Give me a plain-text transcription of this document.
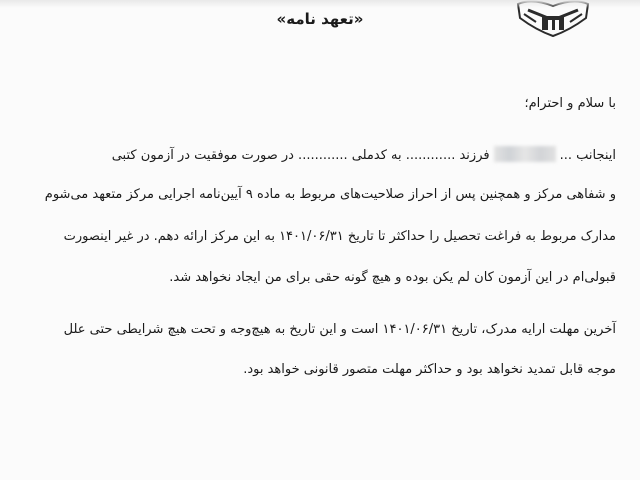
«تعهد نامه»
با سلام و احترام؛
اینجانب ...فرزند ............ به کدملی ............ در صورت موفقیت در آزمون کتبی
و شفاهی مرکز و همچنین پس از احراز صلاحیت‌های مربوط به ماده ۹ آیین‌نامه اجرایی مرکز متعهد می‌شوم
مدارک مربوط به فراغت تحصیل را حداکثر تا تاریخ ۱۴۰۱/۰۶/۳۱ به این مرکز ارائه دهم. در غیر اینصورت
قبولی‌ام در این آزمون کان لم یکن بوده و هیچ گونه حقی برای من ایجاد نخواهد شد.
آخرین مهلت ارایه مدرک، تاریخ ۱۴۰۱/۰۶/۳۱ است و این تاریخ به هیچ‌وجه و تحت هیچ شرایطی حتی علل
موجه قابل تمدید نخواهد بود و حداکثر مهلت متصور قانونی خواهد بود.
